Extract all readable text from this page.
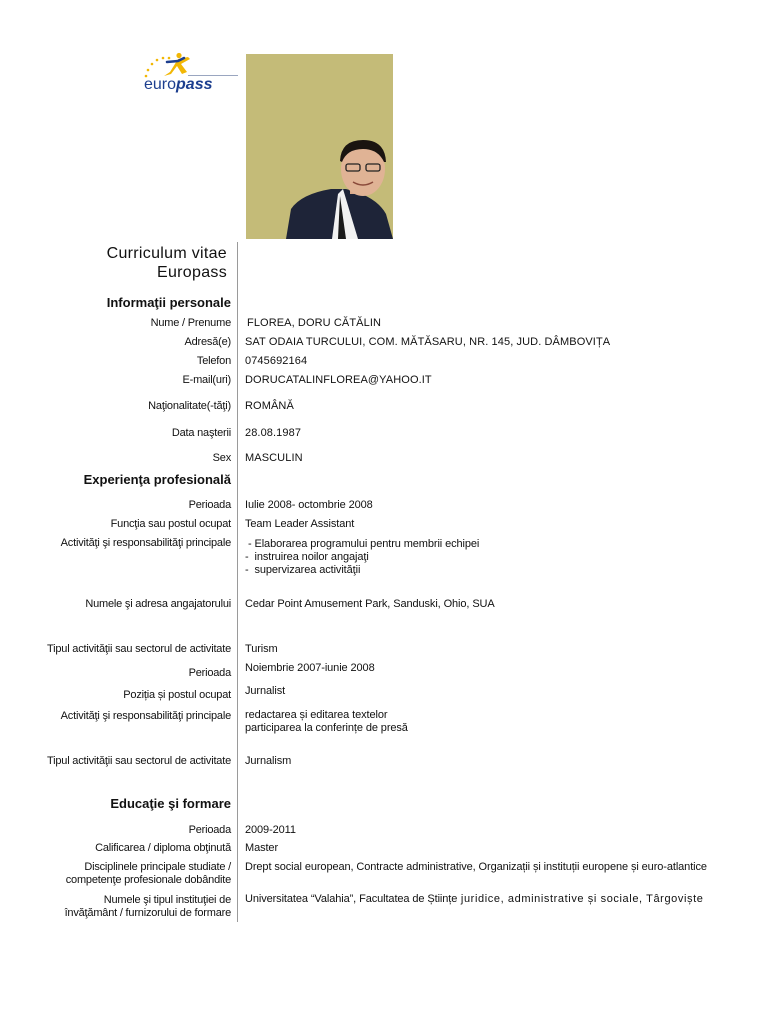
europass
Curriculum vitae
Europass
Informaţii personale
Nume / Prenume FLOREA, DORU CĂTĂLIN
Adresă(e) SAT ODAIA TURCULUI, COM. MĂTĂSARU, NR. 145, JUD. DÂMBOVIȚA
Telefon 0745692164
E-mail(uri) DORUCATALINFLOREA@YAHOO.IT
Naţionalitate(-tăţi) ROMÂNĂ
Data naşterii 28.08.1987
Sex MASCULIN
Experienţa profesională
Perioada Iulie 2008- octombrie 2008
Funcţia sau postul ocupat Team Leader Assistant
Activităţi şi responsabilităţi principale - Elaborarea programului pentru membrii echipei
-  instruirea noilor angajaţi
-  supervizarea activităţii
Numele şi adresa angajatorului Cedar Point Amusement Park, Sanduski, Ohio, SUA
Tipul activităţii sau sectorul de activitate Turism
Perioada Noiembrie 2007-iunie 2008
Poziția și postul ocupat Jurnalist
Activităţi şi responsabilităţi principale redactarea și editarea textelor
participarea la conferințe de presă
Tipul activităţii sau sectorul de activitate Jurnalism
Educaţie şi formare
Perioada 2009-2011
Calificarea / diploma obţinută Master
Disciplinele principale studiate /
competenţe profesionale dobândite
Drept social european, Contracte administrative, Organizații și instituții europene și euro-atlantice
Numele şi tipul instituţiei de
învăţământ / furnizorului de formare
Universitatea “Valahia”, Facultatea de Științe juridice, administrative și sociale, Târgoviște
